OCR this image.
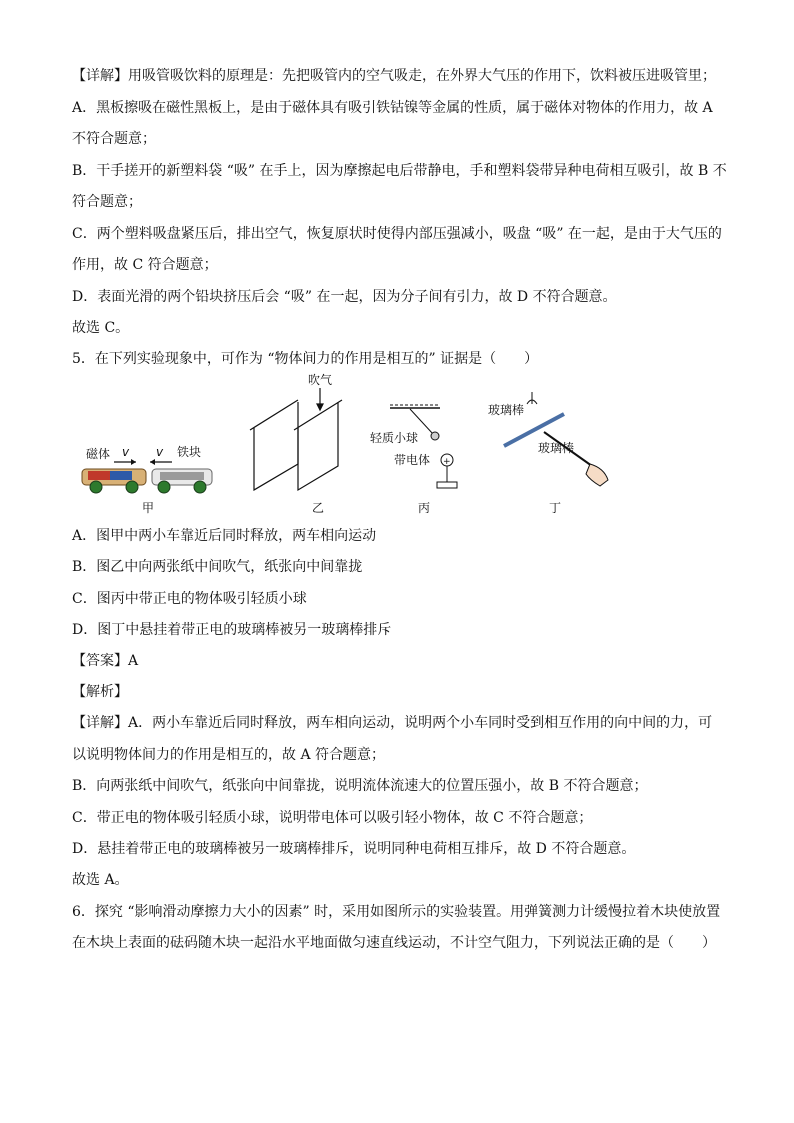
【详解】用吸管吸饮料的原理是：先把吸管内的空气吸走，在外界大气压的作用下，饮料被压进吸管里；
A．黑板擦吸在磁性黑板上，是由于磁体具有吸引铁钴镍等金属的性质，属于磁体对物体的作用力，故 A
不符合题意；
B．干手搓开的新塑料袋 “吸” 在手上，因为摩擦起电后带静电，手和塑料袋带异种电荷相互吸引，故 B 不
符合题意；
C．两个塑料吸盘紧压后，排出空气，恢复原状时使得内部压强减小，吸盘 “吸” 在一起，是由于大气压的
作用，故 C 符合题意；
D．表面光滑的两个铅块挤压后会 “吸” 在一起，因为分子间有引力，故 D 不符合题意。
故选 C。
5．在下列实验现象中，可作为 “物体间力的作用是相互的” 证据是（　　）
磁体 v v 铁块
甲
吹气
乙
轻质小球
带电体 +
丙
玻璃棒
玻璃棒
丁
A．图甲中两小车靠近后同时释放，两车相向运动
B．图乙中向两张纸中间吹气，纸张向中间靠拢
C．图丙中带正电的物体吸引轻质小球
D．图丁中悬挂着带正电的玻璃棒被另一玻璃棒排斥
【答案】A
【解析】
【详解】A．两小车靠近后同时释放，两车相向运动，说明两个小车同时受到相互作用的向中间的力，可
以说明物体间力的作用是相互的，故 A 符合题意；
B．向两张纸中间吹气，纸张向中间靠拢，说明流体流速大的位置压强小，故 B 不符合题意；
C．带正电的物体吸引轻质小球，说明带电体可以吸引轻小物体，故 C 不符合题意；
D．悬挂着带正电的玻璃棒被另一玻璃棒排斥，说明同种电荷相互排斥，故 D 不符合题意。
故选 A。
6．探究 “影响滑动摩擦力大小的因素” 时，采用如图所示的实验装置。用弹簧测力计缓慢拉着木块使放置
在木块上表面的砝码随木块一起沿水平地面做匀速直线运动，不计空气阻力，下列说法正确的是（　　）
